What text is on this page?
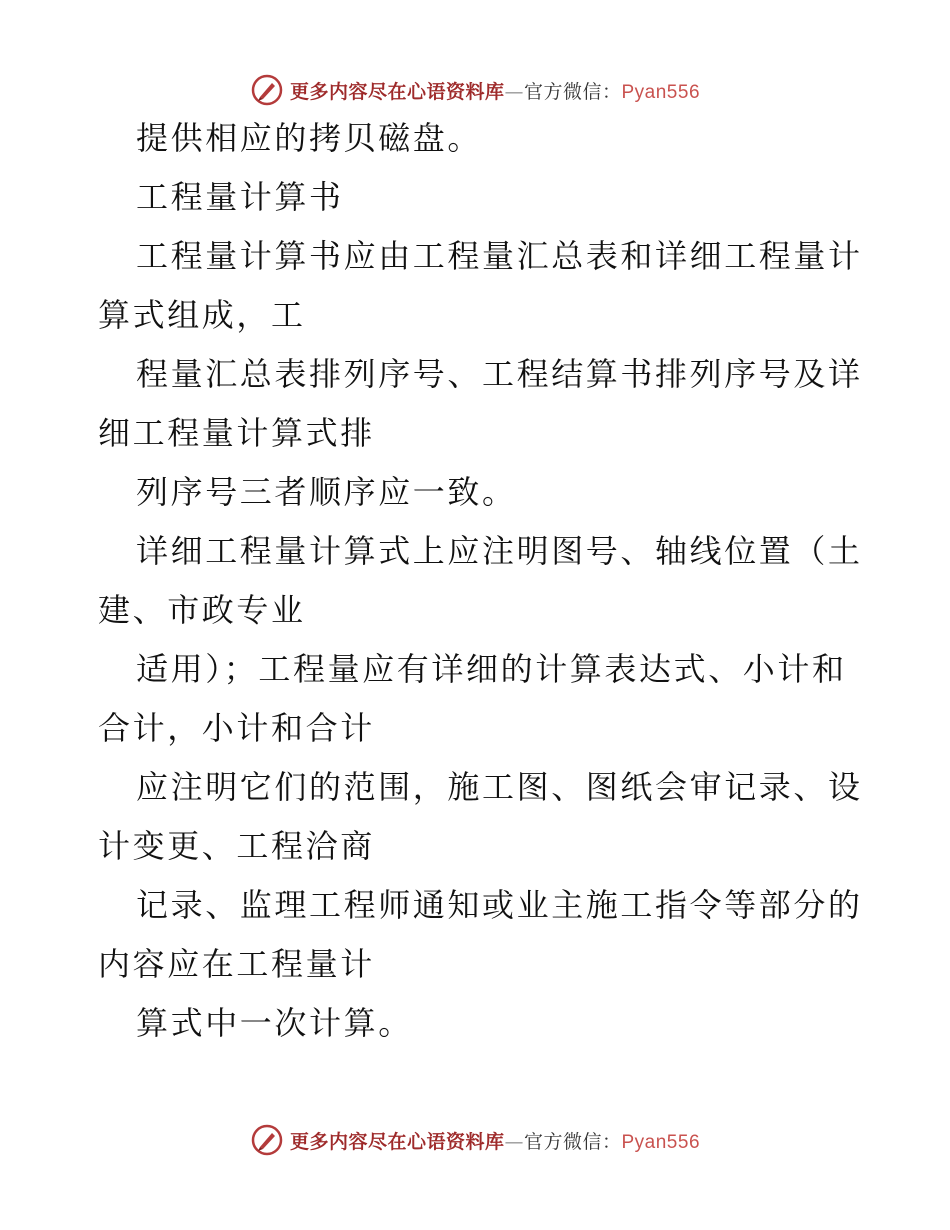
更多内容尽在心语资料库—官方微信：Pyan556
提供相应的拷贝磁盘。
工程量计算书
工程量计算书应由工程量汇总表和详细工程量计
算式组成，工
程量汇总表排列序号、工程结算书排列序号及详
细工程量计算式排
列序号三者顺序应一致。
详细工程量计算式上应注明图号、轴线位置（土
建、市政专业
适用）；工程量应有详细的计算表达式、小计和
合计，小计和合计
应注明它们的范围，施工图、图纸会审记录、设
计变更、工程洽商
记录、监理工程师通知或业主施工指令等部分的
内容应在工程量计
算式中一次计算。
更多内容尽在心语资料库—官方微信：Pyan556
